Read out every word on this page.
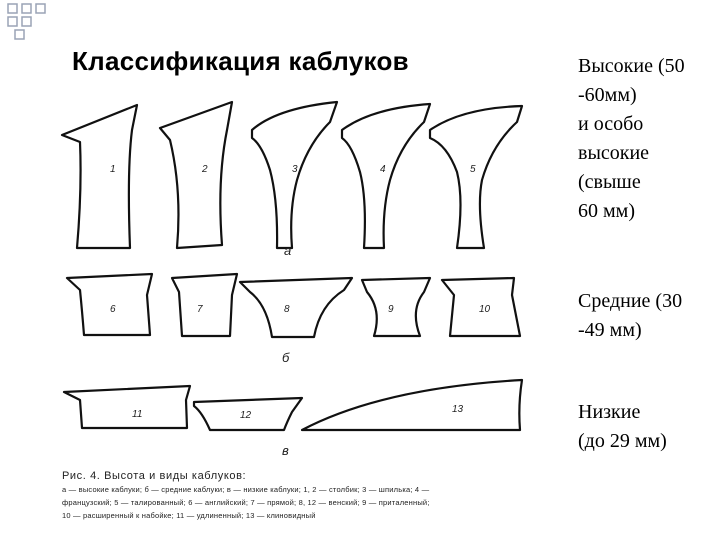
Классификация каблуков	Высокие (50
-60мм)
и особо
высокие
(свыше
60 мм)
Средние (30
-49 мм)
Низкие
(до 29 мм)
1	2	3	4	5
а
6	7	8	9	10
б
11	12
13
в
Рис. 4. Высота и виды каблуков:
а — высокие каблуки; б — средние каблуки; в — низкие каблуки; 1, 2 — столбик; 3 — шпилька; 4 —
французский; 5 — талированный; 6 — английский; 7 — прямой; 8, 12 — венский; 9 — приталенный;
10 — расширенный к набойке; 11 — удлиненный; 13 — клиновидный
